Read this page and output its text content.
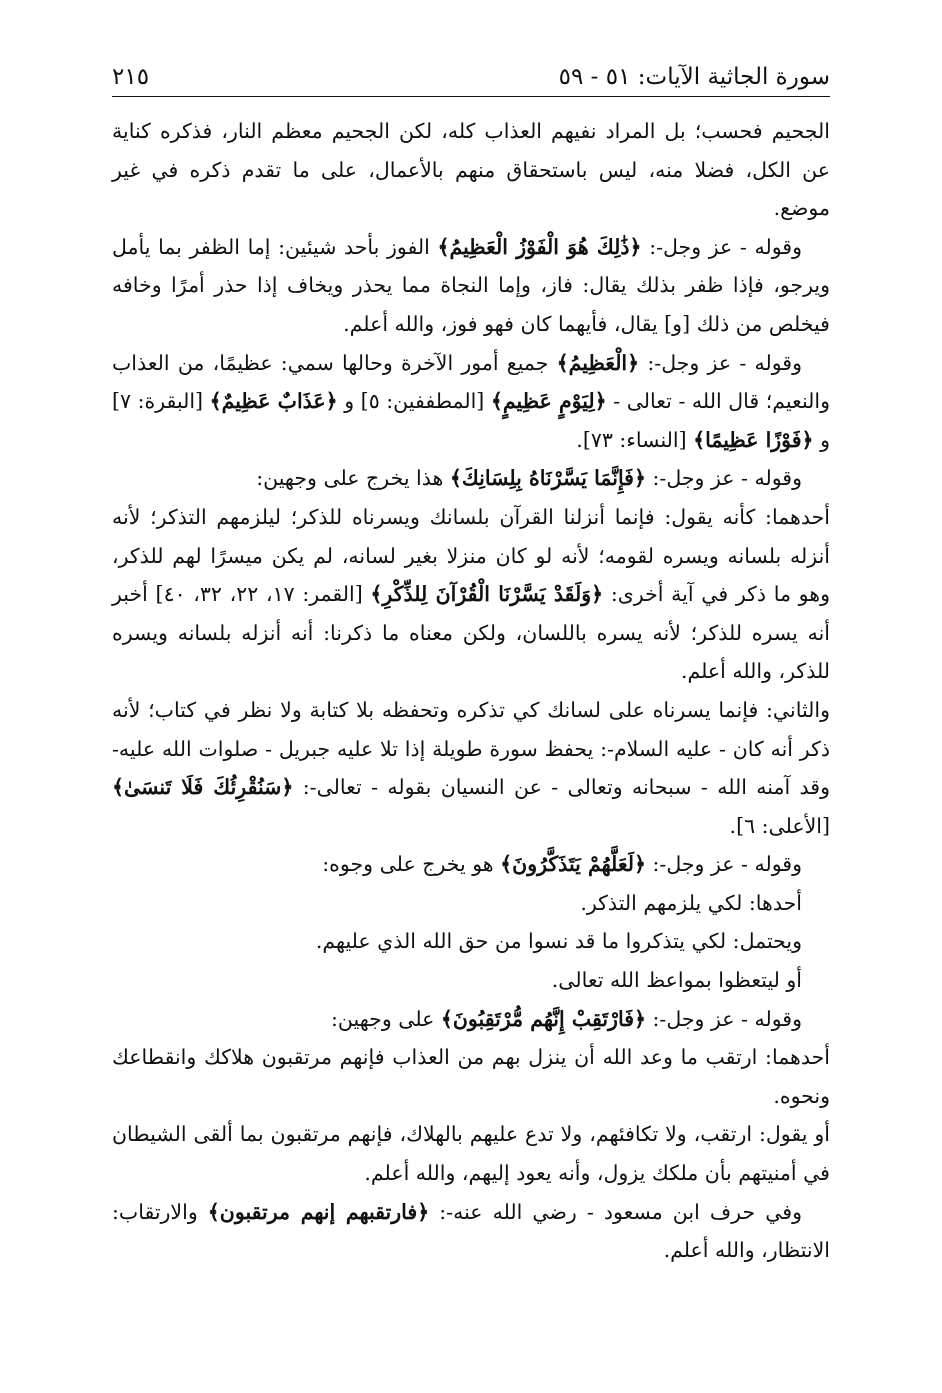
سورة الجاثية الآيات: ٥١ - ٥٩
٢١٥

الجحيم فحسب؛ بل المراد نفيهم العذاب كله، لكن الجحيم معظم النار، فذكره كناية عن الكل، فضلا منه، ليس باستحقاق منهم بالأعمال، على ما تقدم ذكره في غير موضع.

وقوله - عز وجل-: ﴿ذَٰلِكَ هُوَ الْفَوْزُ الْعَظِيمُ﴾ الفوز بأحد شيئين: إما الظفر بما يأمل ويرجو، فإذا ظفر بذلك يقال: فاز، وإما النجاة مما يحذر ويخاف إذا حذر أمرًا وخافه فيخلص من ذلك [و] يقال، فأيهما كان فهو فوز، والله أعلم.

وقوله - عز وجل-: ﴿الْعَظِيمُ﴾ جميع أمور الآخرة وحالها سمي: عظيمًا، من العذاب والنعيم؛ قال الله - تعالى - ﴿لِيَوْمٍ عَظِيمٍ﴾ [المطففين: ٥] و ﴿عَذَابٌ عَظِيمٌ﴾ [البقرة: ٧] و ﴿فَوْزًا عَظِيمًا﴾ [النساء: ٧٣].

وقوله - عز وجل-: ﴿فَإِنَّمَا يَسَّرْنَاهُ بِلِسَانِكَ﴾ هذا يخرج على وجهين:

أحدهما: كأنه يقول: فإنما أنزلنا القرآن بلسانك ويسرناه للذكر؛ ليلزمهم التذكر؛ لأنه أنزله بلسانه ويسره لقومه؛ لأنه لو كان منزلا بغير لسانه، لم يكن ميسرًا لهم للذكر، وهو ما ذكر في آية أخرى: ﴿وَلَقَدْ يَسَّرْنَا الْقُرْآنَ لِلذِّكْرِ﴾ [القمر: ١٧، ٢٢، ٣٢، ٤٠] أخبر أنه يسره للذكر؛ لأنه يسره باللسان، ولكن معناه ما ذكرنا: أنه أنزله بلسانه ويسره للذكر، والله أعلم.

والثاني: فإنما يسرناه على لسانك كي تذكره وتحفظه بلا كتابة ولا نظر في كتاب؛ لأنه ذكر أنه كان - عليه السلام-: يحفظ سورة طويلة إذا تلا عليه جبريل - صلوات الله عليه- وقد آمنه الله - سبحانه وتعالى - عن النسيان بقوله - تعالى-: ﴿سَنُقْرِئُكَ فَلَا تَنسَىٰ﴾ [الأعلى: ٦].

وقوله - عز وجل-: ﴿لَعَلَّهُمْ يَتَذَكَّرُونَ﴾ هو يخرج على وجوه:

أحدها: لكي يلزمهم التذكر.

ويحتمل: لكي يتذكروا ما قد نسوا من حق الله الذي عليهم.

أو ليتعظوا بمواعظ الله تعالى.

وقوله - عز وجل-: ﴿فَارْتَقِبْ إِنَّهُم مُّرْتَقِبُونَ﴾ على وجهين:

أحدهما: ارتقب ما وعد الله أن ينزل بهم من العذاب فإنهم مرتقبون هلاكك وانقطاعك ونحوه.

أو يقول: ارتقب، ولا تكافئهم، ولا تدع عليهم بالهلاك، فإنهم مرتقبون بما ألقى الشيطان في أمنيتهم بأن ملكك يزول، وأنه يعود إليهم، والله أعلم.

وفي حرف ابن مسعود - رضي الله عنه-: ﴿فارتقبهم إنهم مرتقبون﴾ والارتقاب: الانتظار، والله أعلم.
